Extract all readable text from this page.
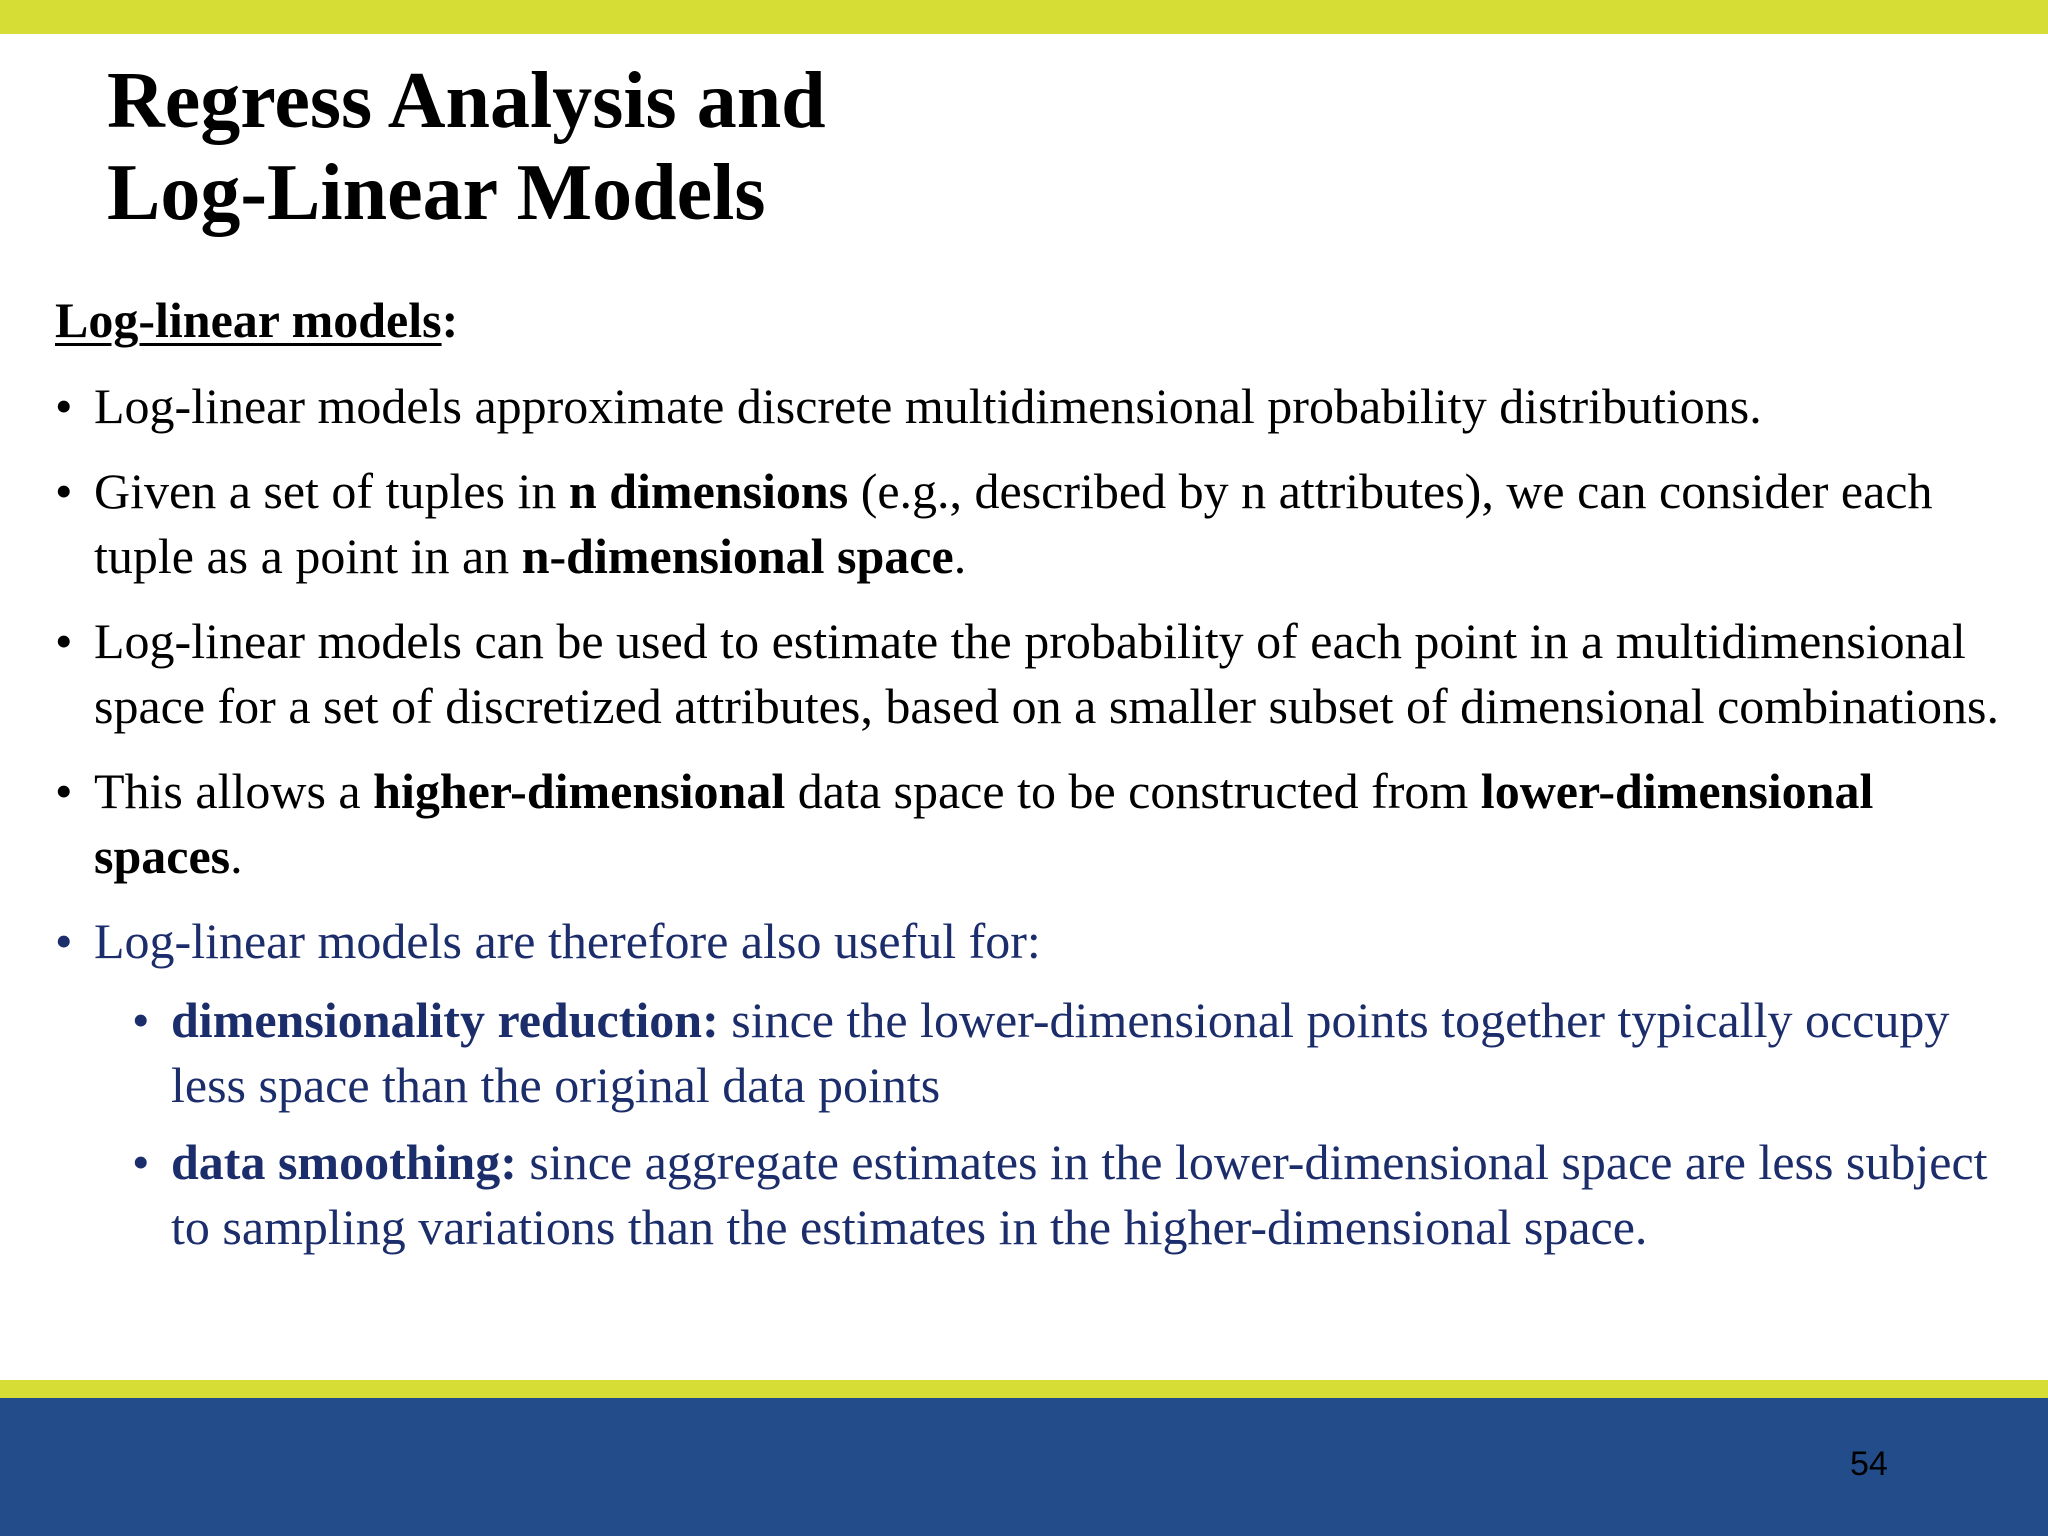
Regress Analysis and
Log-Linear Models
Log-linear models:
• Log-linear models approximate discrete multidimensional probability distributions.
• Given a set of tuples in n dimensions (e.g., described by n attributes), we can consider each tuple as a point in an n-dimensional space.
• Log-linear models can be used to estimate the probability of each point in a multidimensional space for a set of discretized attributes, based on a smaller subset of dimensional combinations.
• This allows a higher-dimensional data space to be constructed from lower-dimensional spaces.
• Log-linear models are therefore also useful for:
• dimensionality reduction: since the lower-dimensional points together typically occupy less space than the original data points
• data smoothing: since aggregate estimates in the lower-dimensional space are less subject to sampling variations than the estimates in the higher-dimensional space.
54
